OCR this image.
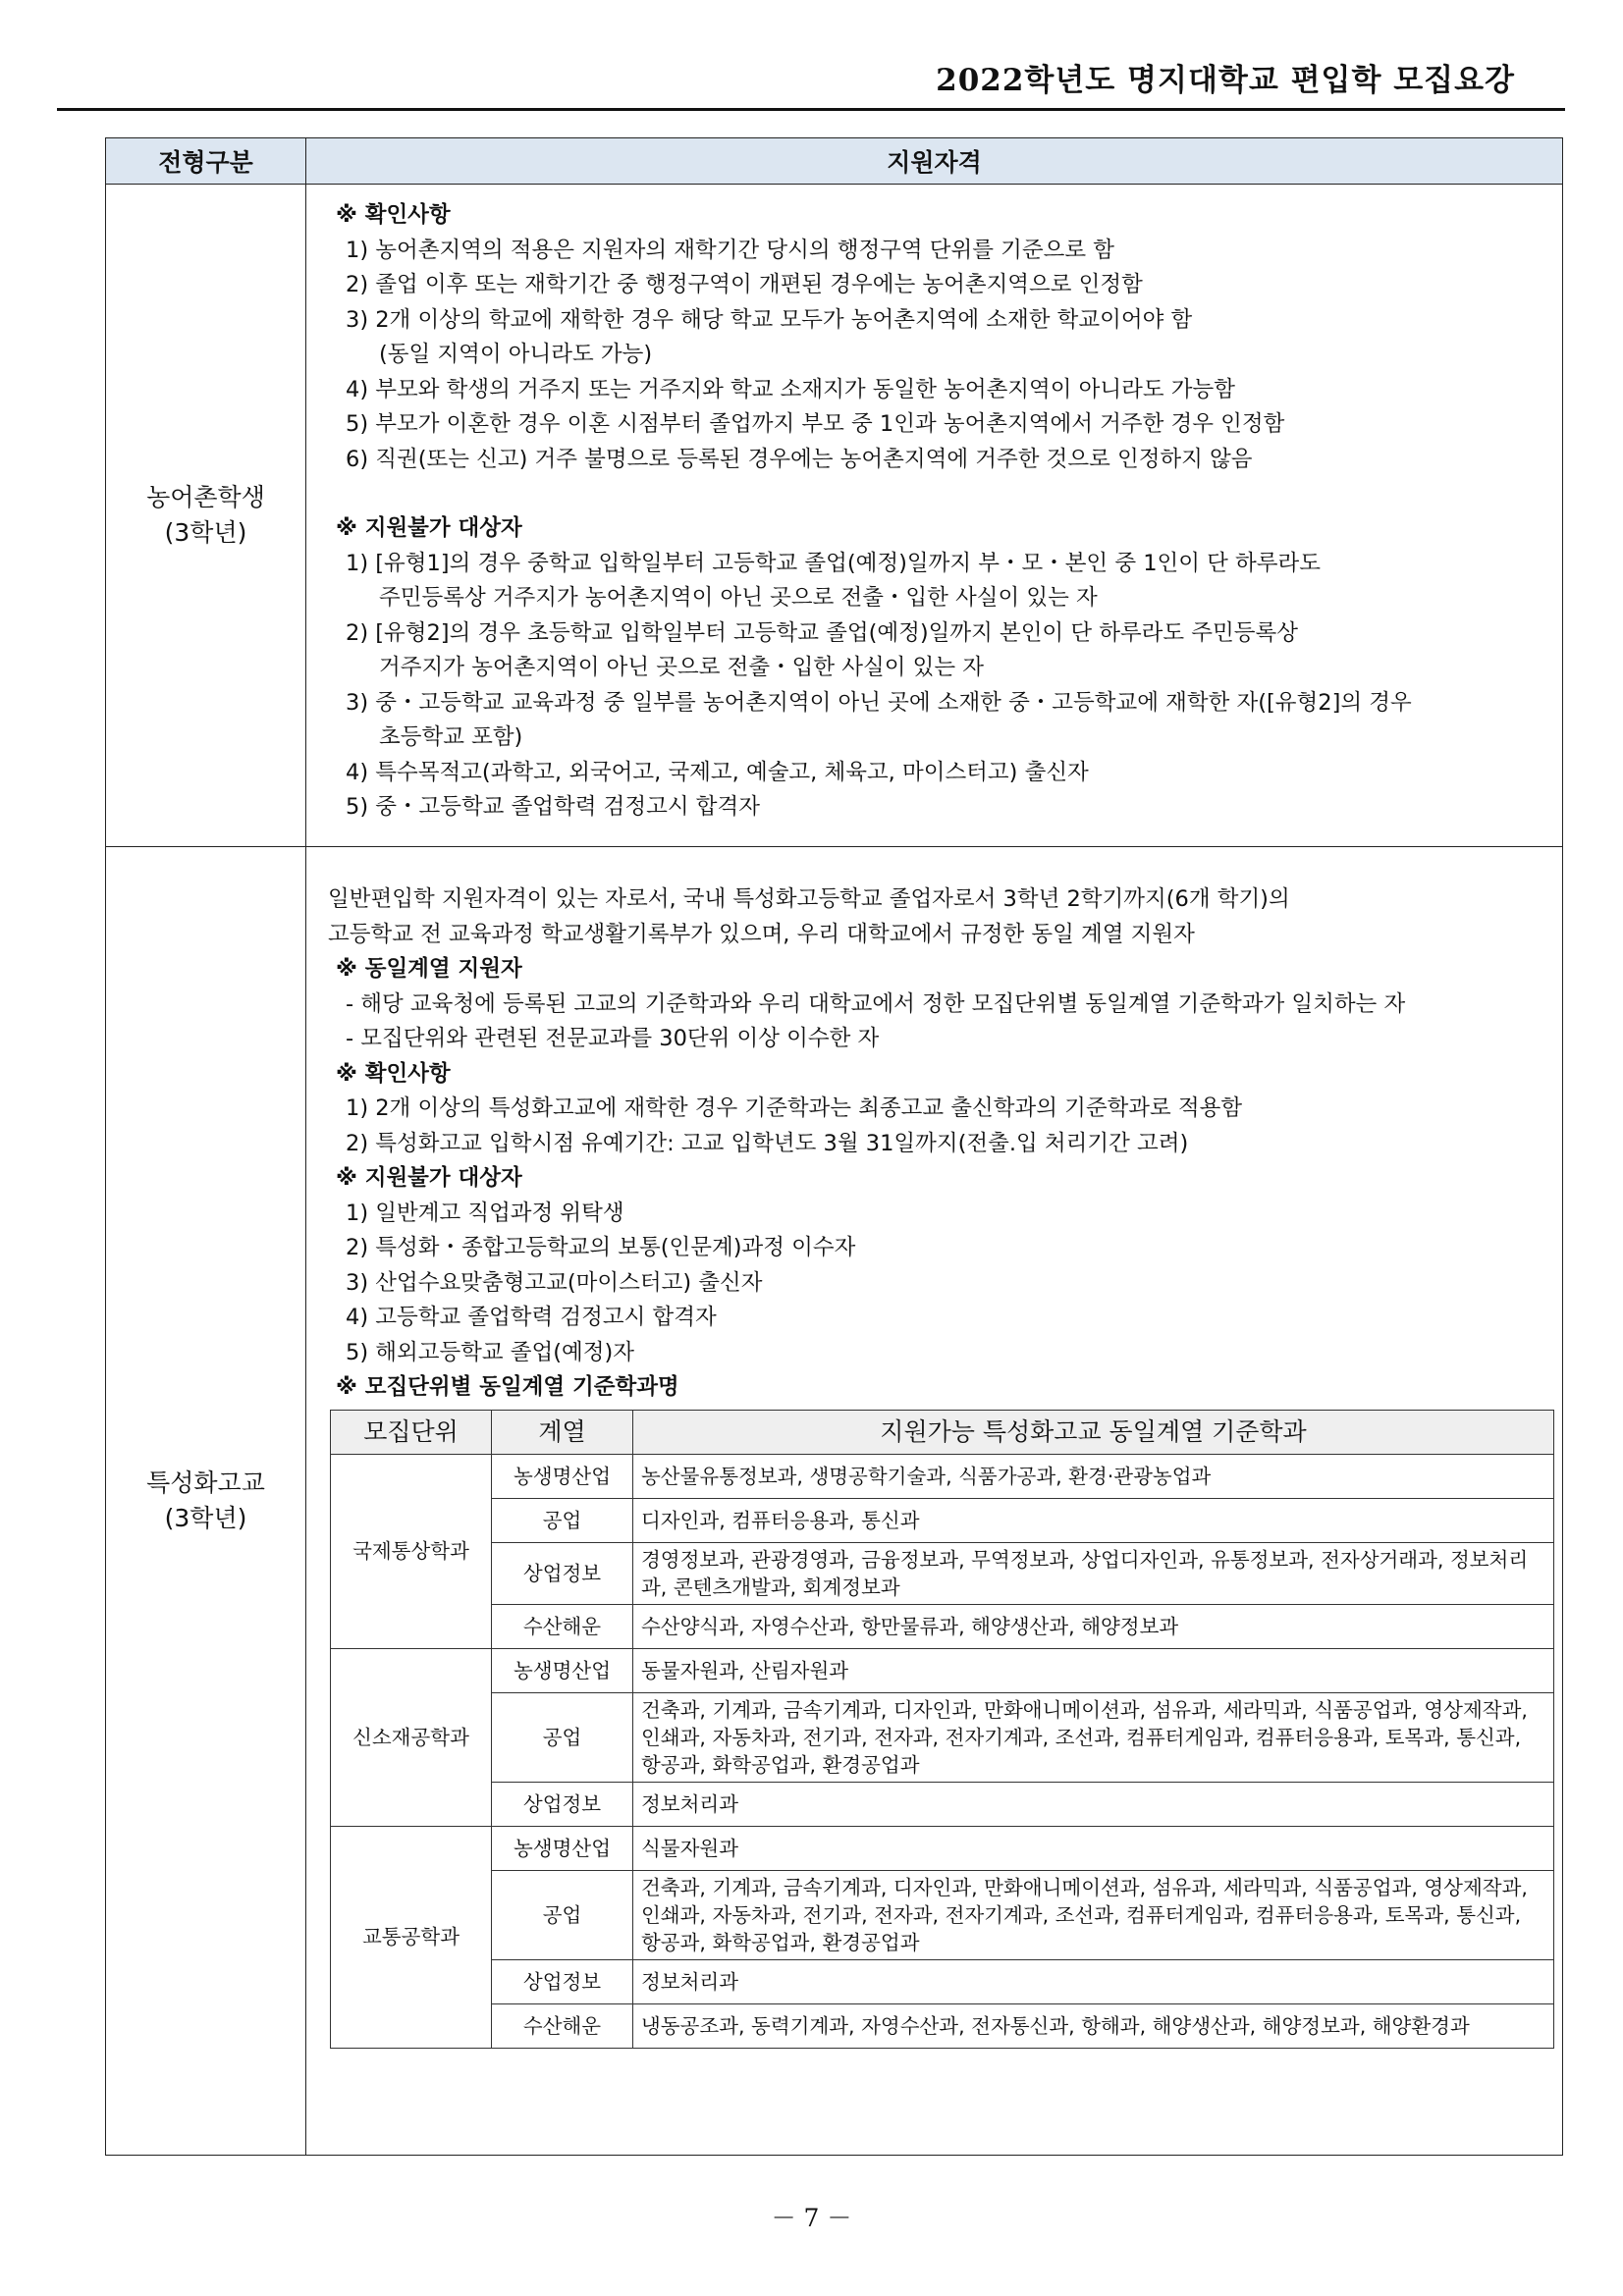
2022학년도 명지대학교 편입학 모집요강
전형구분	지원자격

농어촌학생
(3학년)

※ 확인사항
1) 농어촌지역의 적용은 지원자의 재학기간 당시의 행정구역 단위를 기준으로 함
2) 졸업 이후 또는 재학기간 중 행정구역이 개편된 경우에는 농어촌지역으로 인정함
3) 2개 이상의 학교에 재학한 경우 해당 학교 모두가 농어촌지역에 소재한 학교이어야 함
(동일 지역이 아니라도 가능)
4) 부모와 학생의 거주지 또는 거주지와 학교 소재지가 동일한 농어촌지역이 아니라도 가능함
5) 부모가 이혼한 경우 이혼 시점부터 졸업까지 부모 중 1인과 농어촌지역에서 거주한 경우 인정함
6) 직권(또는 신고) 거주 불명으로 등록된 경우에는 농어촌지역에 거주한 것으로 인정하지 않음
※ 지원불가 대상자
1) [유형1]의 경우 중학교 입학일부터 고등학교 졸업(예정)일까지 부・모・본인 중 1인이 단 하루라도
주민등록상 거주지가 농어촌지역이 아닌 곳으로 전출・입한 사실이 있는 자
2) [유형2]의 경우 초등학교 입학일부터 고등학교 졸업(예정)일까지 본인이 단 하루라도 주민등록상
거주지가 농어촌지역이 아닌 곳으로 전출・입한 사실이 있는 자
3) 중・고등학교 교육과정 중 일부를 농어촌지역이 아닌 곳에 소재한 중・고등학교에 재학한 자([유형2]의 경우
초등학교 포함)
4) 특수목적고(과학고, 외국어고, 국제고, 예술고, 체육고, 마이스터고) 출신자
5) 중・고등학교 졸업학력 검정고시 합격자

특성화고교
(3학년)

일반편입학 지원자격이 있는 자로서, 국내 특성화고등학교 졸업자로서 3학년 2학기까지(6개 학기)의
고등학교 전 교육과정 학교생활기록부가 있으며, 우리 대학교에서 규정한 동일 계열 지원자
※ 동일계열 지원자
- 해당 교육청에 등록된 고교의 기준학과와 우리 대학교에서 정한 모집단위별 동일계열 기준학과가 일치하는 자
- 모집단위와 관련된 전문교과를 30단위 이상 이수한 자
※ 확인사항
1) 2개 이상의 특성화고교에 재학한 경우 기준학과는 최종고교 출신학과의 기준학과로 적용함
2) 특성화고교 입학시점 유예기간: 고교 입학년도 3월 31일까지(전출.입 처리기간 고려)
※ 지원불가 대상자
1) 일반계고 직업과정 위탁생
2) 특성화・종합고등학교의 보통(인문계)과정 이수자
3) 산업수요맞춤형고교(마이스터고) 출신자
4) 고등학교 졸업학력 검정고시 합격자
5) 해외고등학교 졸업(예정)자
※ 모집단위별 동일계열 기준학과명
모집단위	계열	지원가능 특성화고교 동일계열 기준학과
국제통상학과	농생명산업	농산물유통정보과, 생명공학기술과, 식품가공과, 환경·관광농업과
공업	디자인과, 컴퓨터응용과, 통신과
상업정보	경영정보과, 관광경영과, 금융정보과, 무역정보과, 상업디자인과, 유통정보과, 전자상거래과, 정보처리과, 콘텐츠개발과, 회계정보과
수산해운	수산양식과, 자영수산과, 항만물류과, 해양생산과, 해양정보과
신소재공학과	농생명산업	동물자원과, 산림자원과
공업	건축과, 기계과, 금속기계과, 디자인과, 만화애니메이션과, 섬유과, 세라믹과, 식품공업과, 영상제작과, 인쇄과, 자동차과, 전기과, 전자과, 전자기계과, 조선과, 컴퓨터게임과, 컴퓨터응용과, 토목과, 통신과, 항공과, 화학공업과, 환경공업과
상업정보	정보처리과
교통공학과	농생명산업	식물자원과
공업	건축과, 기계과, 금속기계과, 디자인과, 만화애니메이션과, 섬유과, 세라믹과, 식품공업과, 영상제작과, 인쇄과, 자동차과, 전기과, 전자과, 전자기계과, 조선과, 컴퓨터게임과, 컴퓨터응용과, 토목과, 통신과, 항공과, 화학공업과, 환경공업과
상업정보	정보처리과
수산해운	냉동공조과, 동력기계과, 자영수산과, 전자통신과, 항해과, 해양생산과, 해양정보과, 해양환경과
－ 7 －
